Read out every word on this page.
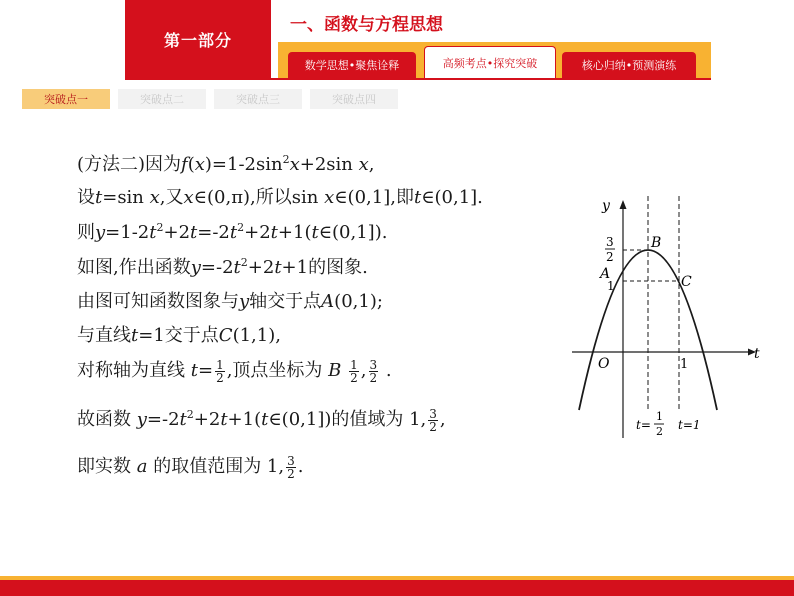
第一部分
一、函数与方程思想
数学思想•聚焦诠释	高频考点•探究突破	核心归纳•预测演练	-7-
突破点一	突破点二	突破点三	突破点四
(方法二)因为$f(x)=1-2\sin^2x+2\sin$ x,
设t=sin x,又x∈(0,π),所以sin x∈(0,1],即t∈(0,1].
则$y=1-2t^2+2t=-2t^2+2t+1(t\in(0,1])$.
如图,作出函数$y=-2t^2+2t+1$的图象.
由图可知函数图象与y轴交于点A(0,1);
与直线t=1交于点C(1,1),
对称轴为直线 $t= \frac{1}{2}$ ,顶点坐标为 B $\frac{1}{2}$ , $\frac{3}{2}$ .
故函数 $y=-2t^2+2t+1(t\in(0,1])$的值域为 1, $\frac{3}{2}$ ,
即实数 a 的取值范围为 1, $\frac{3}{2}$ .
y
t
O	1
3
2
A
1
B
C
t=
1
2 t=1
